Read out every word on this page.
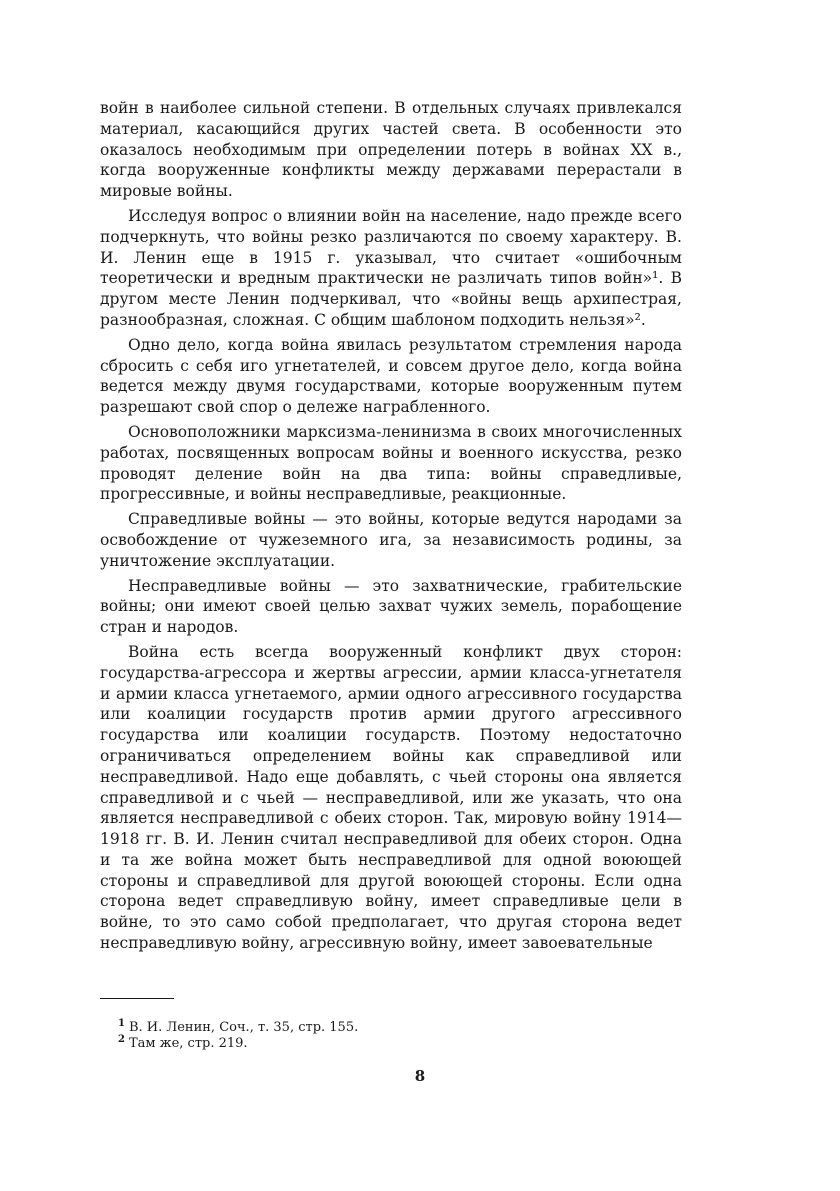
войн в наиболее сильной степени. В отдельных случаях привлекался материал, касающийся других частей света. В особенности это оказалось необходимым при определении потерь в войнах XX в., когда вооруженные конфликты между державами перерастали в мировые войны.

Исследуя вопрос о влиянии войн на население, надо прежде всего подчеркнуть, что войны резко различаются по своему характеру. В. И. Ленин еще в 1915 г. указывал, что считает «ошибочным теоретически и вредным практически не различать типов войн»¹. В другом месте Ленин подчеркивал, что «войны вещь архипестрая, разнообразная, сложная. С общим шаблоном подходить нельзя»².

Одно дело, когда война явилась результатом стремления народа сбросить с себя иго угнетателей, и совсем другое дело, когда война ведется между двумя государствами, которые вооруженным путем разрешают свой спор о дележе награбленного.

Основоположники марксизма-ленинизма в своих многочисленных работах, посвященных вопросам войны и военного искусства, резко проводят деление войн на два типа: войны справедливые, прогрессивные, и войны несправедливые, реакционные.

Справедливые войны — это войны, которые ведутся народами за освобождение от чужеземного ига, за независимость родины, за уничтожение эксплуатации.

Несправедливые войны — это захватнические, грабительские войны; они имеют своей целью захват чужих земель, порабощение стран и народов.

Война есть всегда вооруженный конфликт двух сторон: государства-агрессора и жертвы агрессии, армии класса-угнетателя и армии класса угнетаемого, армии одного агрессивного государства или коалиции государств против армии другого агрессивного государства или коалиции государств. Поэтому недостаточно ограничиваться определением войны как справедливой или несправедливой. Надо еще добавлять, с чьей стороны она является справедливой и с чьей — несправедливой, или же указать, что она является несправедливой с обеих сторон. Так, мировую войну 1914—1918 гг. В. И. Ленин считал несправедливой для обеих сторон. Одна и та же война может быть несправедливой для одной воюющей стороны и справедливой для другой воюющей стороны. Если одна сторона ведет справедливую войну, имеет справедливые цели в войне, то это само собой предполагает, что другая сторона ведет несправедливую войну, агрессивную войну, имеет завоевательные

$^1$ В. И. Ленин, Соч., т. 35, стр. 155.
$^2$ Там же, стр. 219.
8
